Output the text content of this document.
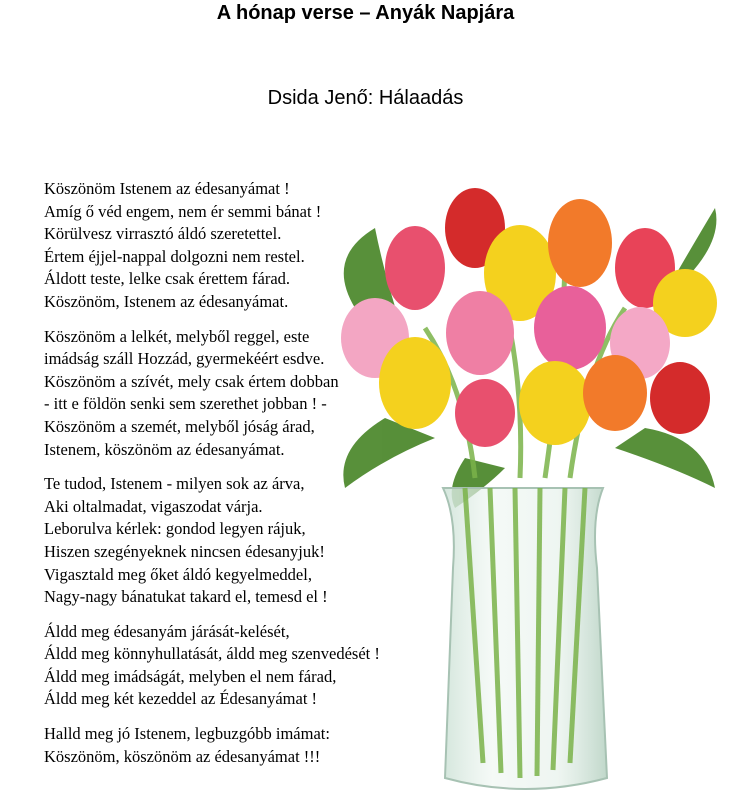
A hónap verse – Anyák Napjára
Dsida Jenő: Hálaadás
Köszönöm Istenem az édesanyámat !
Amíg ő véd engem, nem ér semmi bánat !
Körülvesz virrasztó áldó szeretettel.
Értem éjjel-nappal dolgozni nem restel.
Áldott teste, lelke csak érettem fárad.
Köszönöm, Istenem az édesanyámat.
Köszönöm a lelkét, melyből reggel, este
imádság száll Hozzád, gyermekéért esdve.
Köszönöm a szívét, mely csak értem dobban
- itt e földön senki sem szerethet jobban ! -
Köszönöm a szemét, melyből jóság árad,
Istenem, köszönöm az édesanyámat.
Te tudod, Istenem - milyen sok az árva,
Aki oltalmadat, vigaszodat várja.
Leborulva kérlek: gondod legyen rájuk,
Hiszen szegényeknek nincsen édesanyjuk!
Vigasztald meg őket áldó kegyelmeddel,
Nagy-nagy bánatukat takard el, temesd el !
Áldd meg édesanyám járását-kelését,
Áldd meg könnyhullatását, áldd meg szenvedését !
Áldd meg imádságát, melyben el nem fárad,
Áldd meg két kezeddel az Édesanyámat !
Halld meg jó Istenem, legbuzgóbb imámat:
Köszönöm, köszönöm az édesanyámat !!!
